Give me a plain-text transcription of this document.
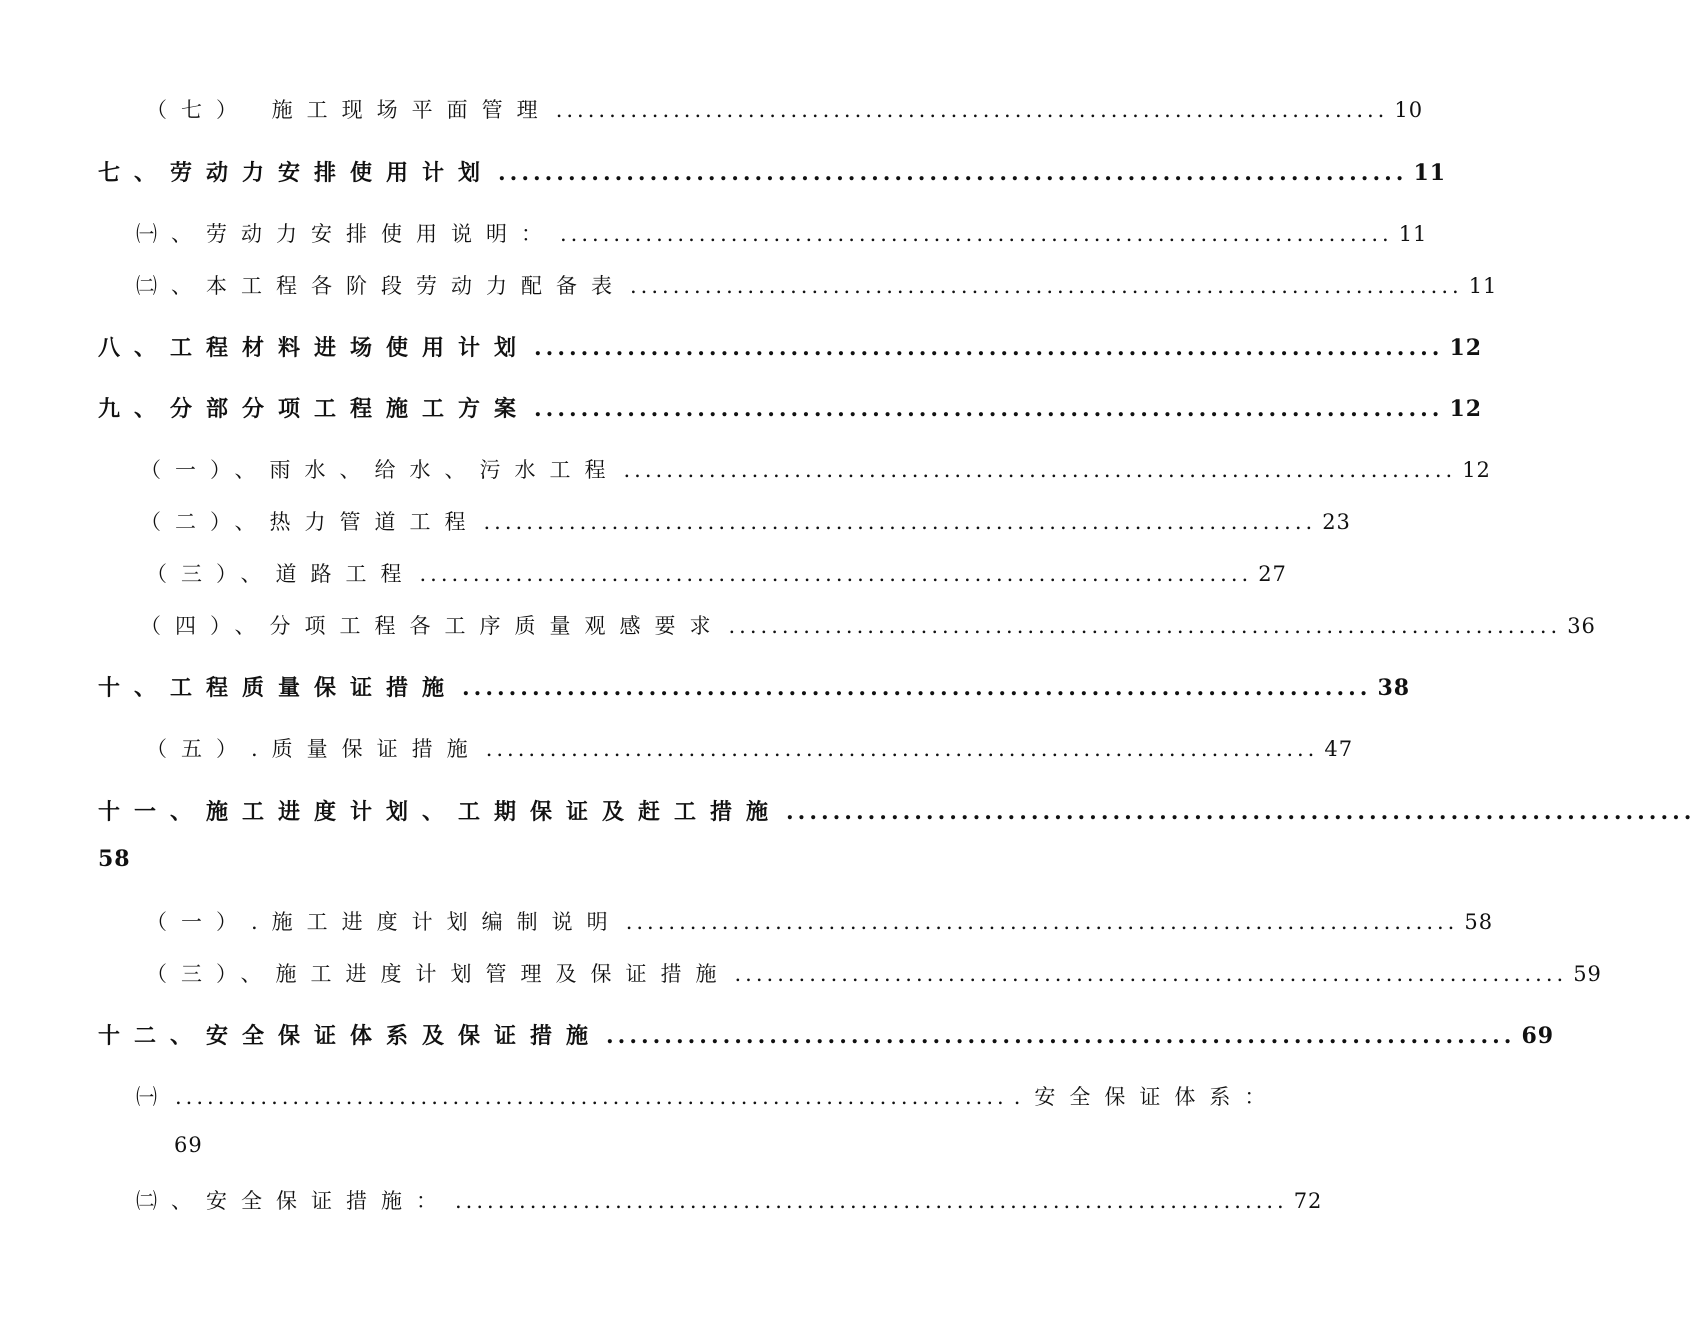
（七） 施工现场平面管理 .............................................................................. 10
七、劳动力安排使用计划 .............................................................................. 11
㈠、劳动力安排使用说明： .............................................................................. 11
㈡、本工程各阶段劳动力配备表 .............................................................................. 11
八、工程材料进场使用计划 .............................................................................. 12
九、分部分项工程施工方案 .............................................................................. 12
（一）、雨水、给水、污水工程 .............................................................................. 12
（二）、热力管道工程 .............................................................................. 23
（三）、道路工程 .............................................................................. 27
（四）、分项工程各工序质量观感要求 .............................................................................. 36
十、工程质量保证措施 .............................................................................. 38
（五）.质量保证措施 .............................................................................. 47
十一、施工进度计划、工期保证及赶工措施 ..............................................................................
58
（一）.施工进度计划编制说明 .............................................................................. 58
（三）、施工进度计划管理及保证措施 .............................................................................. 59
十二、安全保证体系及保证措施 .............................................................................. 69
㈠ .............................................................................. .安全保证体系：
69
㈡、安全保证措施： .............................................................................. 72
